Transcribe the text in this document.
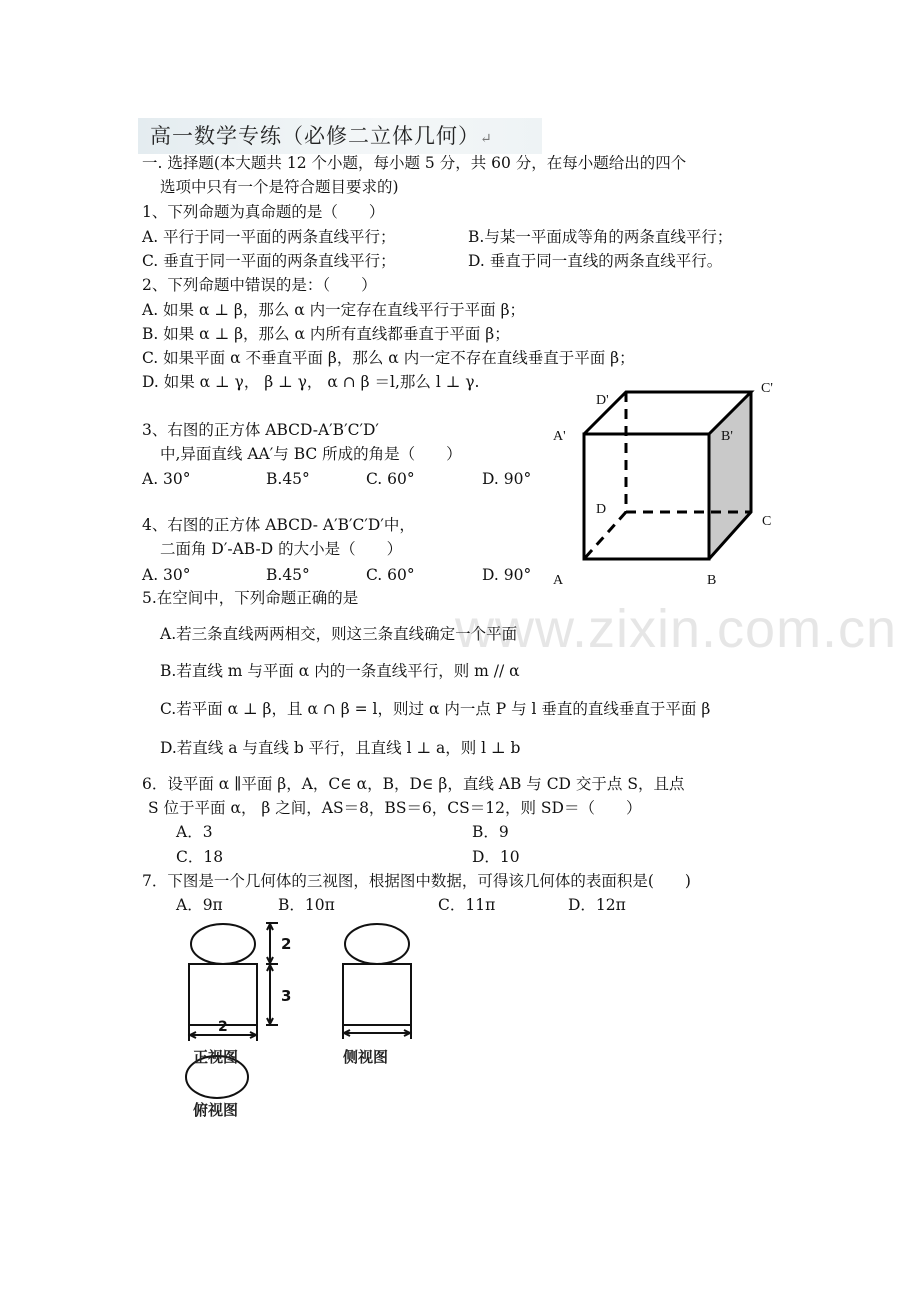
高一数学专练（必修二立体几何）↵
一. 选择题(本大题共 12 个小题，每小题 5 分，共 60 分，在每小题给出的四个
选项中只有一个是符合题目要求的)
1、下列命题为真命题的是（　　）
A. 平行于同一平面的两条直线平行；	B.与某一平面成等角的两条直线平行；
C. 垂直于同一平面的两条直线平行；	D. 垂直于同一直线的两条直线平行。
2、下列命题中错误的是：（　　）
A. 如果 α ⊥ β，那么 α 内一定存在直线平行于平面 β；
B. 如果 α ⊥ β，那么 α 内所有直线都垂直于平面 β；
C. 如果平面 α 不垂直平面 β，那么 α 内一定不存在直线垂直于平面 β；
D. 如果 α ⊥ γ， β ⊥ γ， α ∩ β ＝l,那么 l ⊥ γ.
3、右图的正方体 ABCD-A′B′C′D′
中,异面直线 AA′与 BC 所成的角是（　　）
A. 30°	B.45°	C. 60°	D. 90°
4、右图的正方体 ABCD- A′B′C′D′中，
二面角 D′-AB-D 的大小是（　　）
A. 30°	B.45°	C. 60°	D. 90°
D'
C'
A'	B'
D
C
A	B
5.在空间中，下列命题正确的是
www.zixin.com.cn
A.若三条直线两两相交，则这三条直线确定一个平面
B.若直线 m 与平面 α 内的一条直线平行，则 m // α
C.若平面 α ⊥ β，且 α ∩ β = l，则过 α 内一点 P 与 l 垂直的直线垂直于平面 β
D.若直线 a 与直线 b 平行，且直线 l ⊥ a，则 l ⊥ b
6．设平面 α ∥平面 β，A，C∈ α，B，D∈ β，直线 AB 与 CD 交于点 S，且点
S 位于平面 α， β 之间，AS＝8，BS＝6，CS＝12，则 SD＝（　　）
A．3	B．9
C．18	D．10
7．下图是一个几何体的三视图，根据图中数据，可得该几何体的表面积是(　　)
A．9π	B．10π	C．11π	D．12π
2
3
2
正视图	侧视图
俯视图
